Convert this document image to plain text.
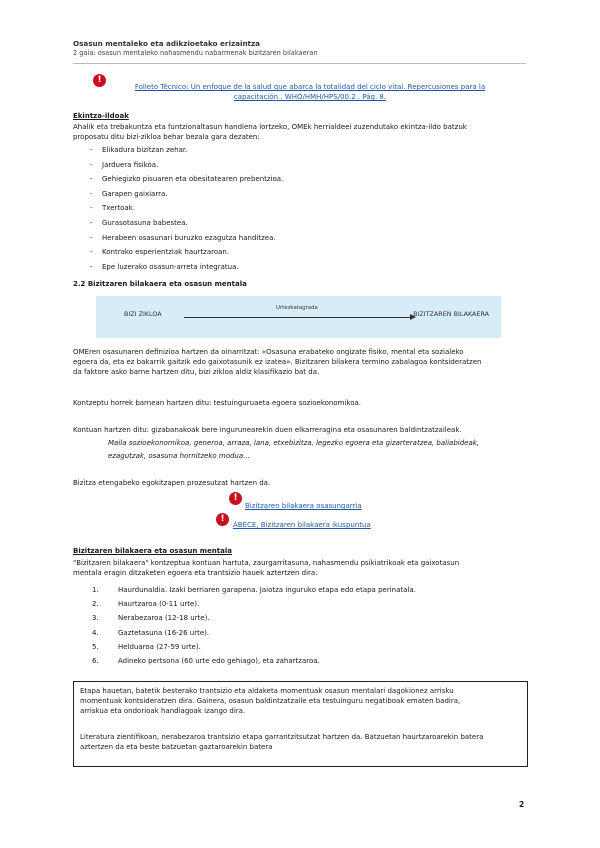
Osasun mentaleko eta adikzioetako erizaintza
2 gaia: osasun mentaleko nahasmendu nabarmenak bizitzaren bilakaeran
!
Folleto Técnico: Un enfoque de la salud que abarca la totalidad del ciclo vital. Repercusiones para la
capacitación . WHO/HMH/HPS/00.2 . Pág. 8.
Ekintza-ildoak
Ahalik eta trebakuntza eta funtzionaltasun handiena lortzeko, OMEk herrialdeei zuzendutako ekintza-ildo batzuk
proposatu ditu bizi-zikloa behar bezala gara dezaten:
- Elikadura bizitzan zehar.
- Jarduera fisikoa.
- Gehiegizko pisuaren eta obesitatearen prebentzioa.
- Garapen gaixiarra.
- Txertoak.
- Gurasotasuna babestea.
- Herabeen osasunari buruzko ezagutza handitzea.
- Kontrako esperientziak haurtzaroan.
- Epe luzerako osasun-arreta integratua.
2.2 Bizitzaren bilakaera eta osasun mentala
BIZI ZIKLOA
Urtezkatagrada
BIZITZAREN BILAKAERA
OMEren osasunaren definizioa hartzen da oinarritzat: «Osasuna erabateko ongizate fisiko, mental eta sozialeko
egoera da, eta ez bakarrik gaitzik edo gaixotasunik ez izatea». Bizitzaren bilakera termino zabalagoa kontsideratzen
da faktore asko barne hartzen ditu, bizi zikloa aldiz klasifikazio bat da.
Kontzeptu horrek barnean hartzen ditu: testuinguruaeta egoera sozioekonomikoa.
Kontuan hartzen ditu: gizabanakoak bere ingurunearekin duen elkarreragina eta osasunaren baldintzatzaileak.
Maila sozioekonomikoa, generoa, arraza, lana, etxebizitza, legezko egoera eta gizarteratzea, baliabideak,
ezagutzak, osasuna hornitzeko modua…
Bizitza etengabeko egokitzapen prozesutzat hartzen da.
!
Bizitzaren bilakaera osasungarria
!
ABECE, Bizitzaren bilakaera ikuspuntua
Bizitzaren bilakaera eta osasun mentala
"Bizitzaren bilakaera" kontzeptua kontuan hartuta, zaurgarritasuna, nahasmendu psikiatrikoak eta gaixotasun
mentala eragin ditzaketen egoera eta trantsizio hauek aztertzen dira:
1.	Haurdunaldia. Izaki berriaren garapena. Jaiotza inguruko etapa edo etapa perinatala.
2.	Haurtzaroa (0-11 urte).
3.	Nerabezaroa (12-18 urte).
4.	Gaztetasuna (16-26 urte).
5.	Helduaroa (27-59 urte).
6.	Adineko pertsona (60 urte edo gehiago), eta zahartzaroa.

Etapa hauetan, batetik besterako trantsizio eta aldaketa momentuak osasun mentalari dagokionez arrisku
momentuak kontsideratzen dira. Gainera, osasun baldintzatzaile eta testuinguru negatiboak ematen badira,
arriskua eta ondorioak handiagoak izango dira.

Literatura zientifikoan, nerabezaroa trantsizio etapa garrantzitsutzat hartzen da. Batzuetan haurtzaroarekin batera
aztertzen da eta beste batzuetan gaztaroarekin batera

2
